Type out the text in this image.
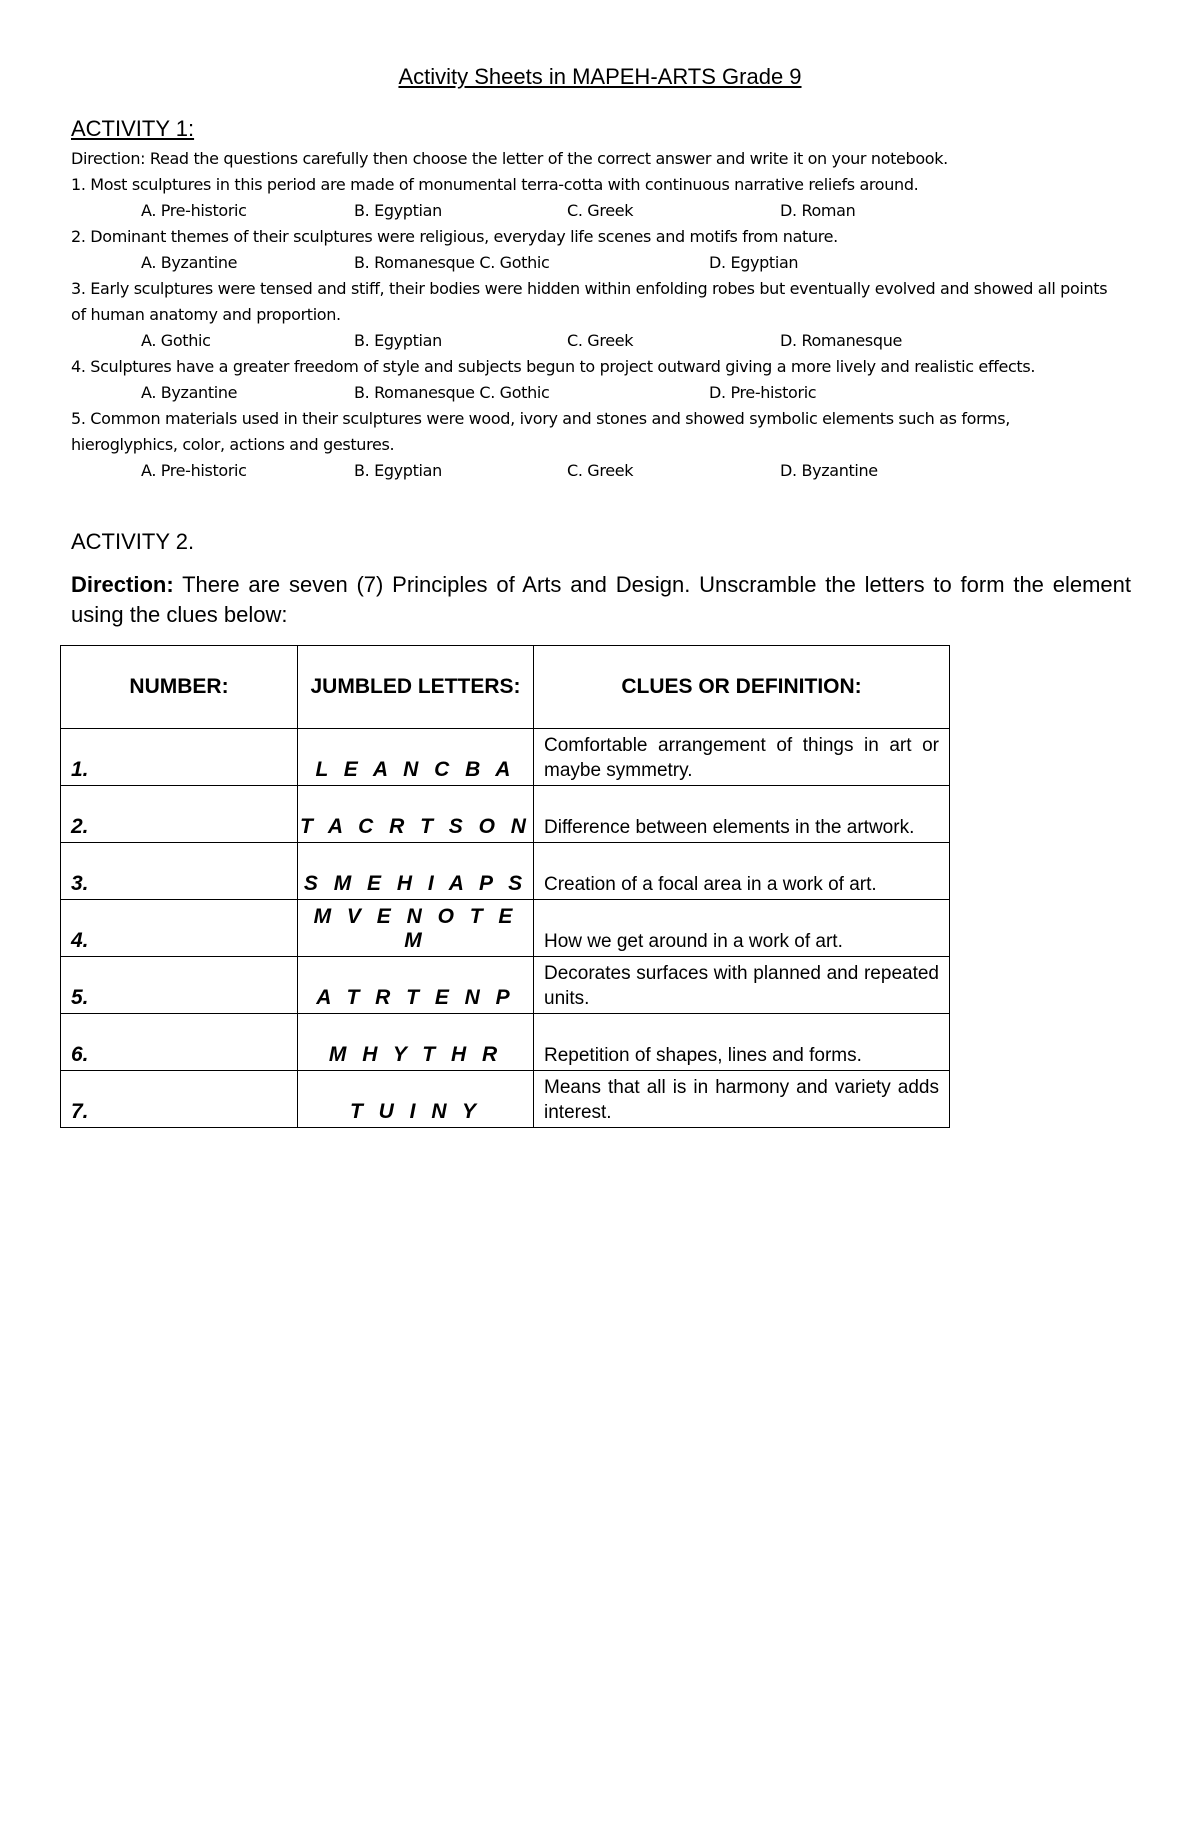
Activity Sheets in MAPEH-ARTS Grade 9
ACTIVITY 1:
Direction: Read the questions carefully then choose the letter of the correct answer and write it on your notebook.
1. Most sculptures in this period are made of monumental terra-cotta with continuous narrative reliefs around.
A. Pre-historic	B. Egyptian	C. Greek	D. Roman
2. Dominant themes of their sculptures were religious, everyday life scenes and motifs from nature.
A. Byzantine	B. Romanesque C. Gothic	D. Egyptian
3. Early sculptures were tensed and stiff, their bodies were hidden within enfolding robes but eventually evolved and showed all points of human anatomy and proportion.
A. Gothic	B. Egyptian	C. Greek	D. Romanesque
4. Sculptures have a greater freedom of style and subjects begun to project outward giving a more lively and realistic effects.
A. Byzantine	B. Romanesque C. Gothic	D. Pre-historic
5. Common materials used in their sculptures were wood, ivory and stones and showed symbolic elements such as forms, hieroglyphics, color, actions and gestures.
A. Pre-historic	B. Egyptian	C. Greek	D. Byzantine
ACTIVITY 2.
Direction: There are seven (7) Principles of Arts and Design. Unscramble the letters to form the element using the clues below:
NUMBER:	JUMBLED LETTERS:	CLUES OR DEFINITION:
1.	L E A N C B A	Comfortable arrangement of things in art or maybe symmetry.
2.	T A C R T S O N	Difference between elements in the artwork.
3.	S M E H I A P S	Creation of a focal area in a work of art.
4.	M V E N O T E M	How we get around in a work of art.
5.	A T R T E N P	Decorates surfaces with planned and repeated units.
6.	M H Y T H R	Repetition of shapes, lines and forms.
7.	T U I N Y	Means that all is in harmony and variety adds interest.
